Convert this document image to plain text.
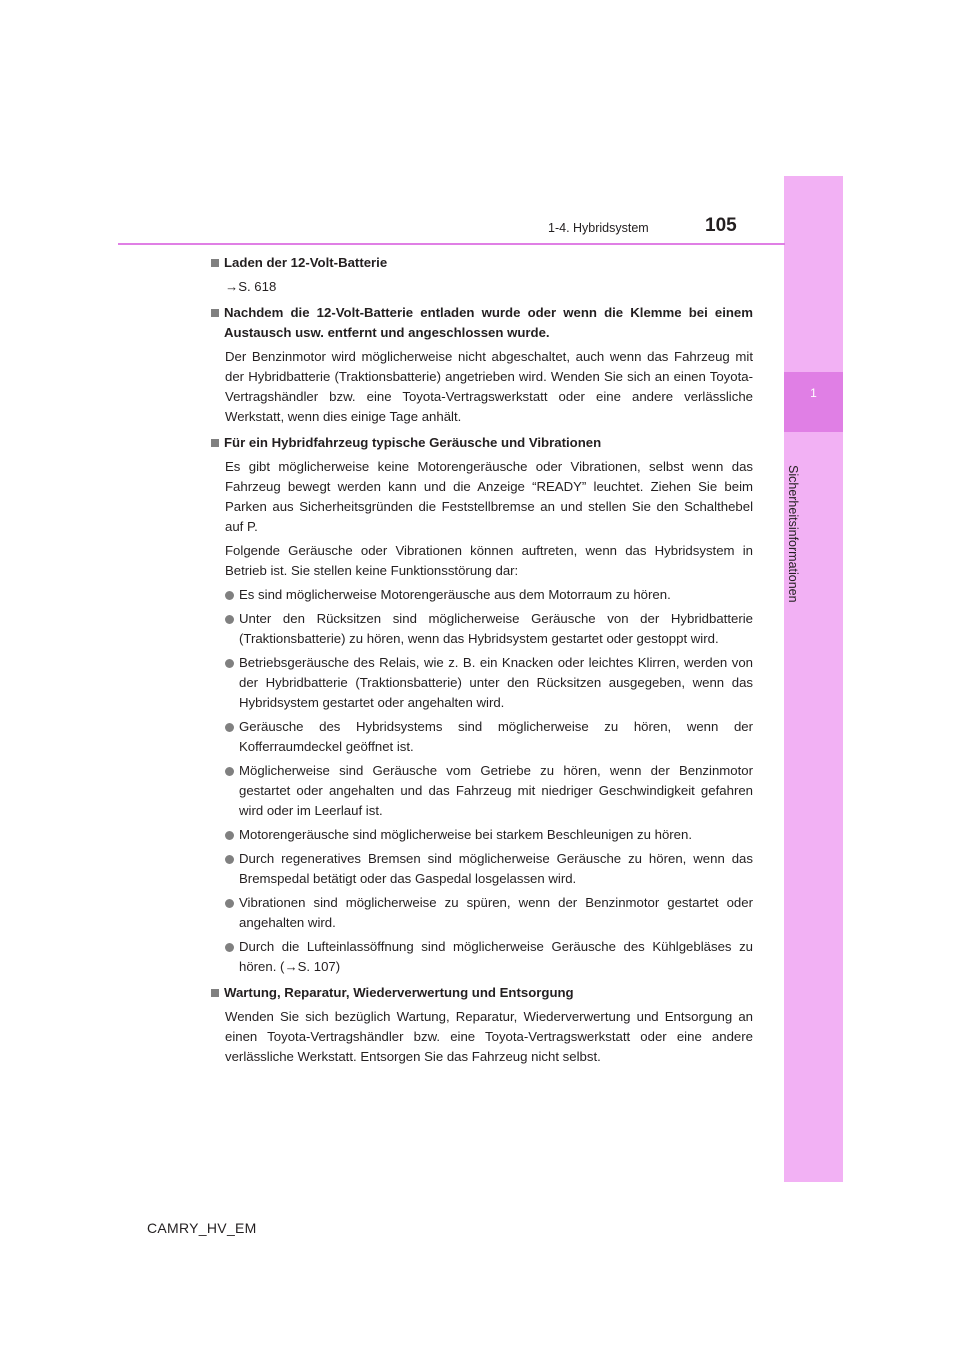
1
Sicherheitsinformationen
1-4. Hybridsystem	105
Laden der 12-Volt-Batterie
→S. 618
Nachdem die 12-Volt-Batterie entladen wurde oder wenn die Klemme bei einem Austausch usw. entfernt und angeschlossen wurde.
Der Benzinmotor wird möglicherweise nicht abgeschaltet, auch wenn das Fahrzeug mit der Hybridbatterie (Traktionsbatterie) angetrieben wird. Wenden Sie sich an einen Toyota-Vertragshändler bzw. eine Toyota-Vertragswerkstatt oder eine andere verlässliche Werkstatt, wenn dies einige Tage anhält.
Für ein Hybridfahrzeug typische Geräusche und Vibrationen
Es gibt möglicherweise keine Motorengeräusche oder Vibrationen, selbst wenn das Fahrzeug bewegt werden kann und die Anzeige “READY” leuchtet. Ziehen Sie beim Parken aus Sicherheitsgründen die Feststellbremse an und stellen Sie den Schalthebel auf P.
Folgende Geräusche oder Vibrationen können auftreten, wenn das Hybridsystem in Betrieb ist. Sie stellen keine Funktionsstörung dar:
Es sind möglicherweise Motorengeräusche aus dem Motorraum zu hören.
Unter den Rücksitzen sind möglicherweise Geräusche von der Hybridbatterie (Traktionsbatterie) zu hören, wenn das Hybridsystem gestartet oder gestoppt wird.
Betriebsgeräusche des Relais, wie z. B. ein Knacken oder leichtes Klirren, werden von der Hybridbatterie (Traktionsbatterie) unter den Rücksitzen ausgegeben, wenn das Hybridsystem gestartet oder angehalten wird.
Geräusche des Hybridsystems sind möglicherweise zu hören, wenn der Kofferraumdeckel geöffnet ist.
Möglicherweise sind Geräusche vom Getriebe zu hören, wenn der Benzinmotor gestartet oder angehalten und das Fahrzeug mit niedriger Geschwindigkeit gefahren wird oder im Leerlauf ist.
Motorengeräusche sind möglicherweise bei starkem Beschleunigen zu hören.
Durch regeneratives Bremsen sind möglicherweise Geräusche zu hören, wenn das Bremspedal betätigt oder das Gaspedal losgelassen wird.
Vibrationen sind möglicherweise zu spüren, wenn der Benzinmotor gestartet oder angehalten wird.
Durch die Lufteinlassöffnung sind möglicherweise Geräusche des Kühlgebläses zu hören. (→S. 107)
Wartung, Reparatur, Wiederverwertung und Entsorgung
Wenden Sie sich bezüglich Wartung, Reparatur, Wiederverwertung und Entsorgung an einen Toyota-Vertragshändler bzw. eine Toyota-Vertragswerkstatt oder eine andere verlässliche Werkstatt. Entsorgen Sie das Fahrzeug nicht selbst.
CAMRY_HV_EM
